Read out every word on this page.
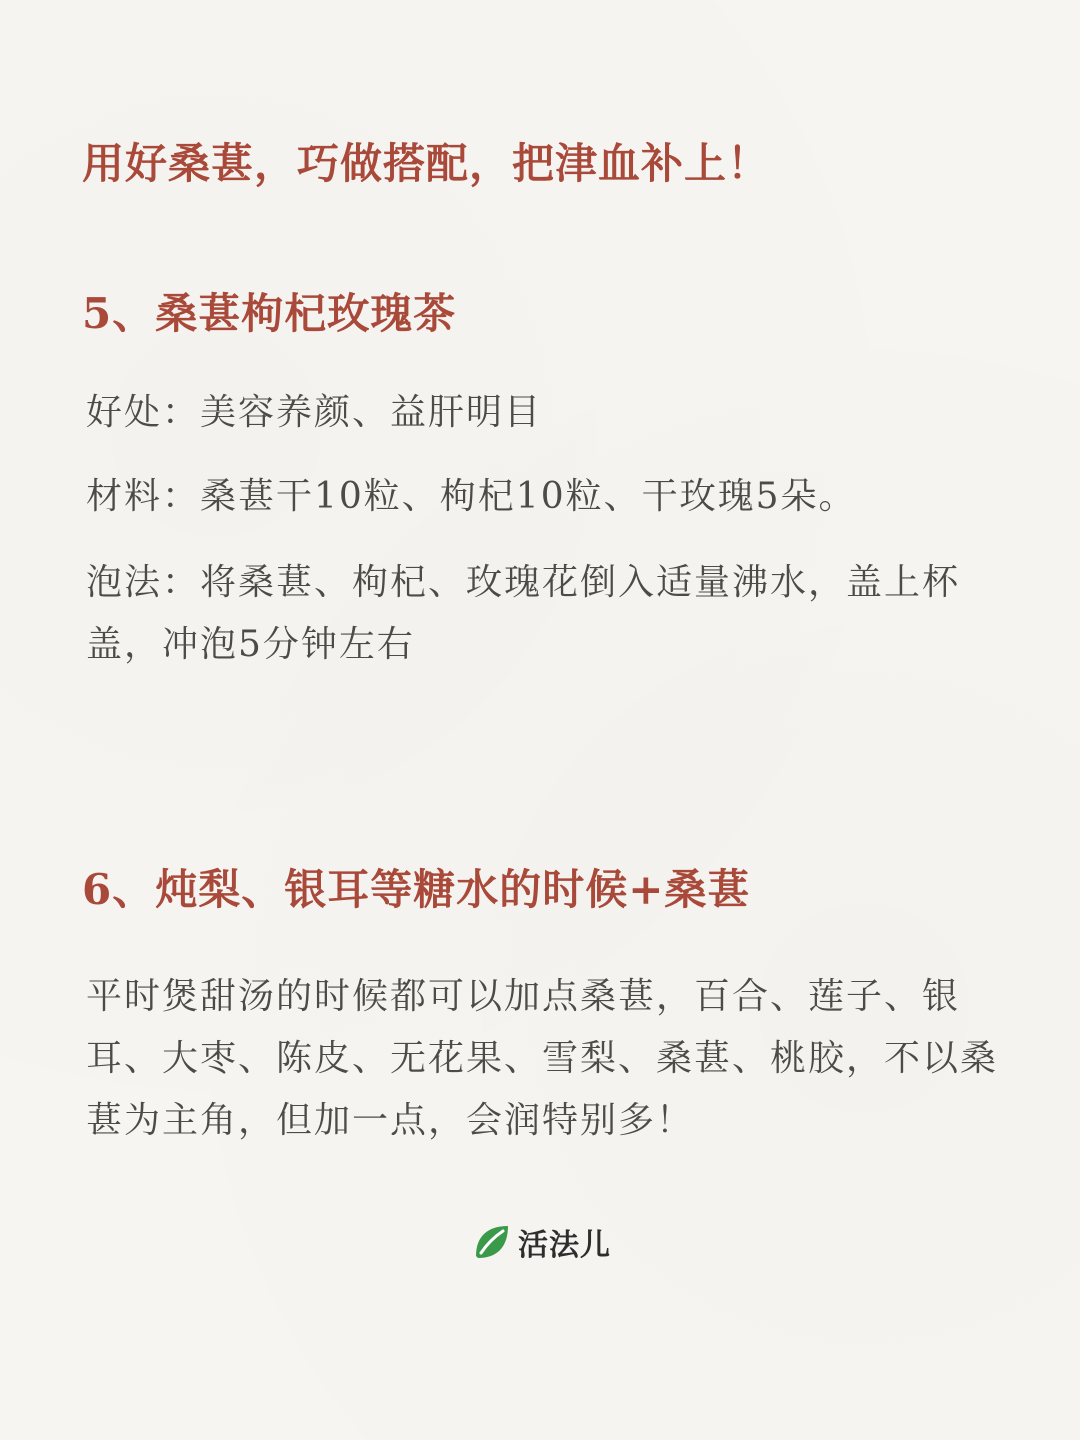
用好桑葚，巧做搭配，把津血补上！
5、桑葚枸杞玫瑰茶
好处：美容养颜、益肝明目
材料：桑葚干10粒、枸杞10粒、干玫瑰5朵。
泡法：将桑葚、枸杞、玫瑰花倒入适量沸水，盖上杯盖，冲泡5分钟左右
6、炖梨、银耳等糖水的时候+桑葚
平时煲甜汤的时候都可以加点桑葚，百合、莲子、银耳、大枣、陈皮、无花果、雪梨、桑葚、桃胶，不以桑葚为主角，但加一点，会润特别多！
活法儿
